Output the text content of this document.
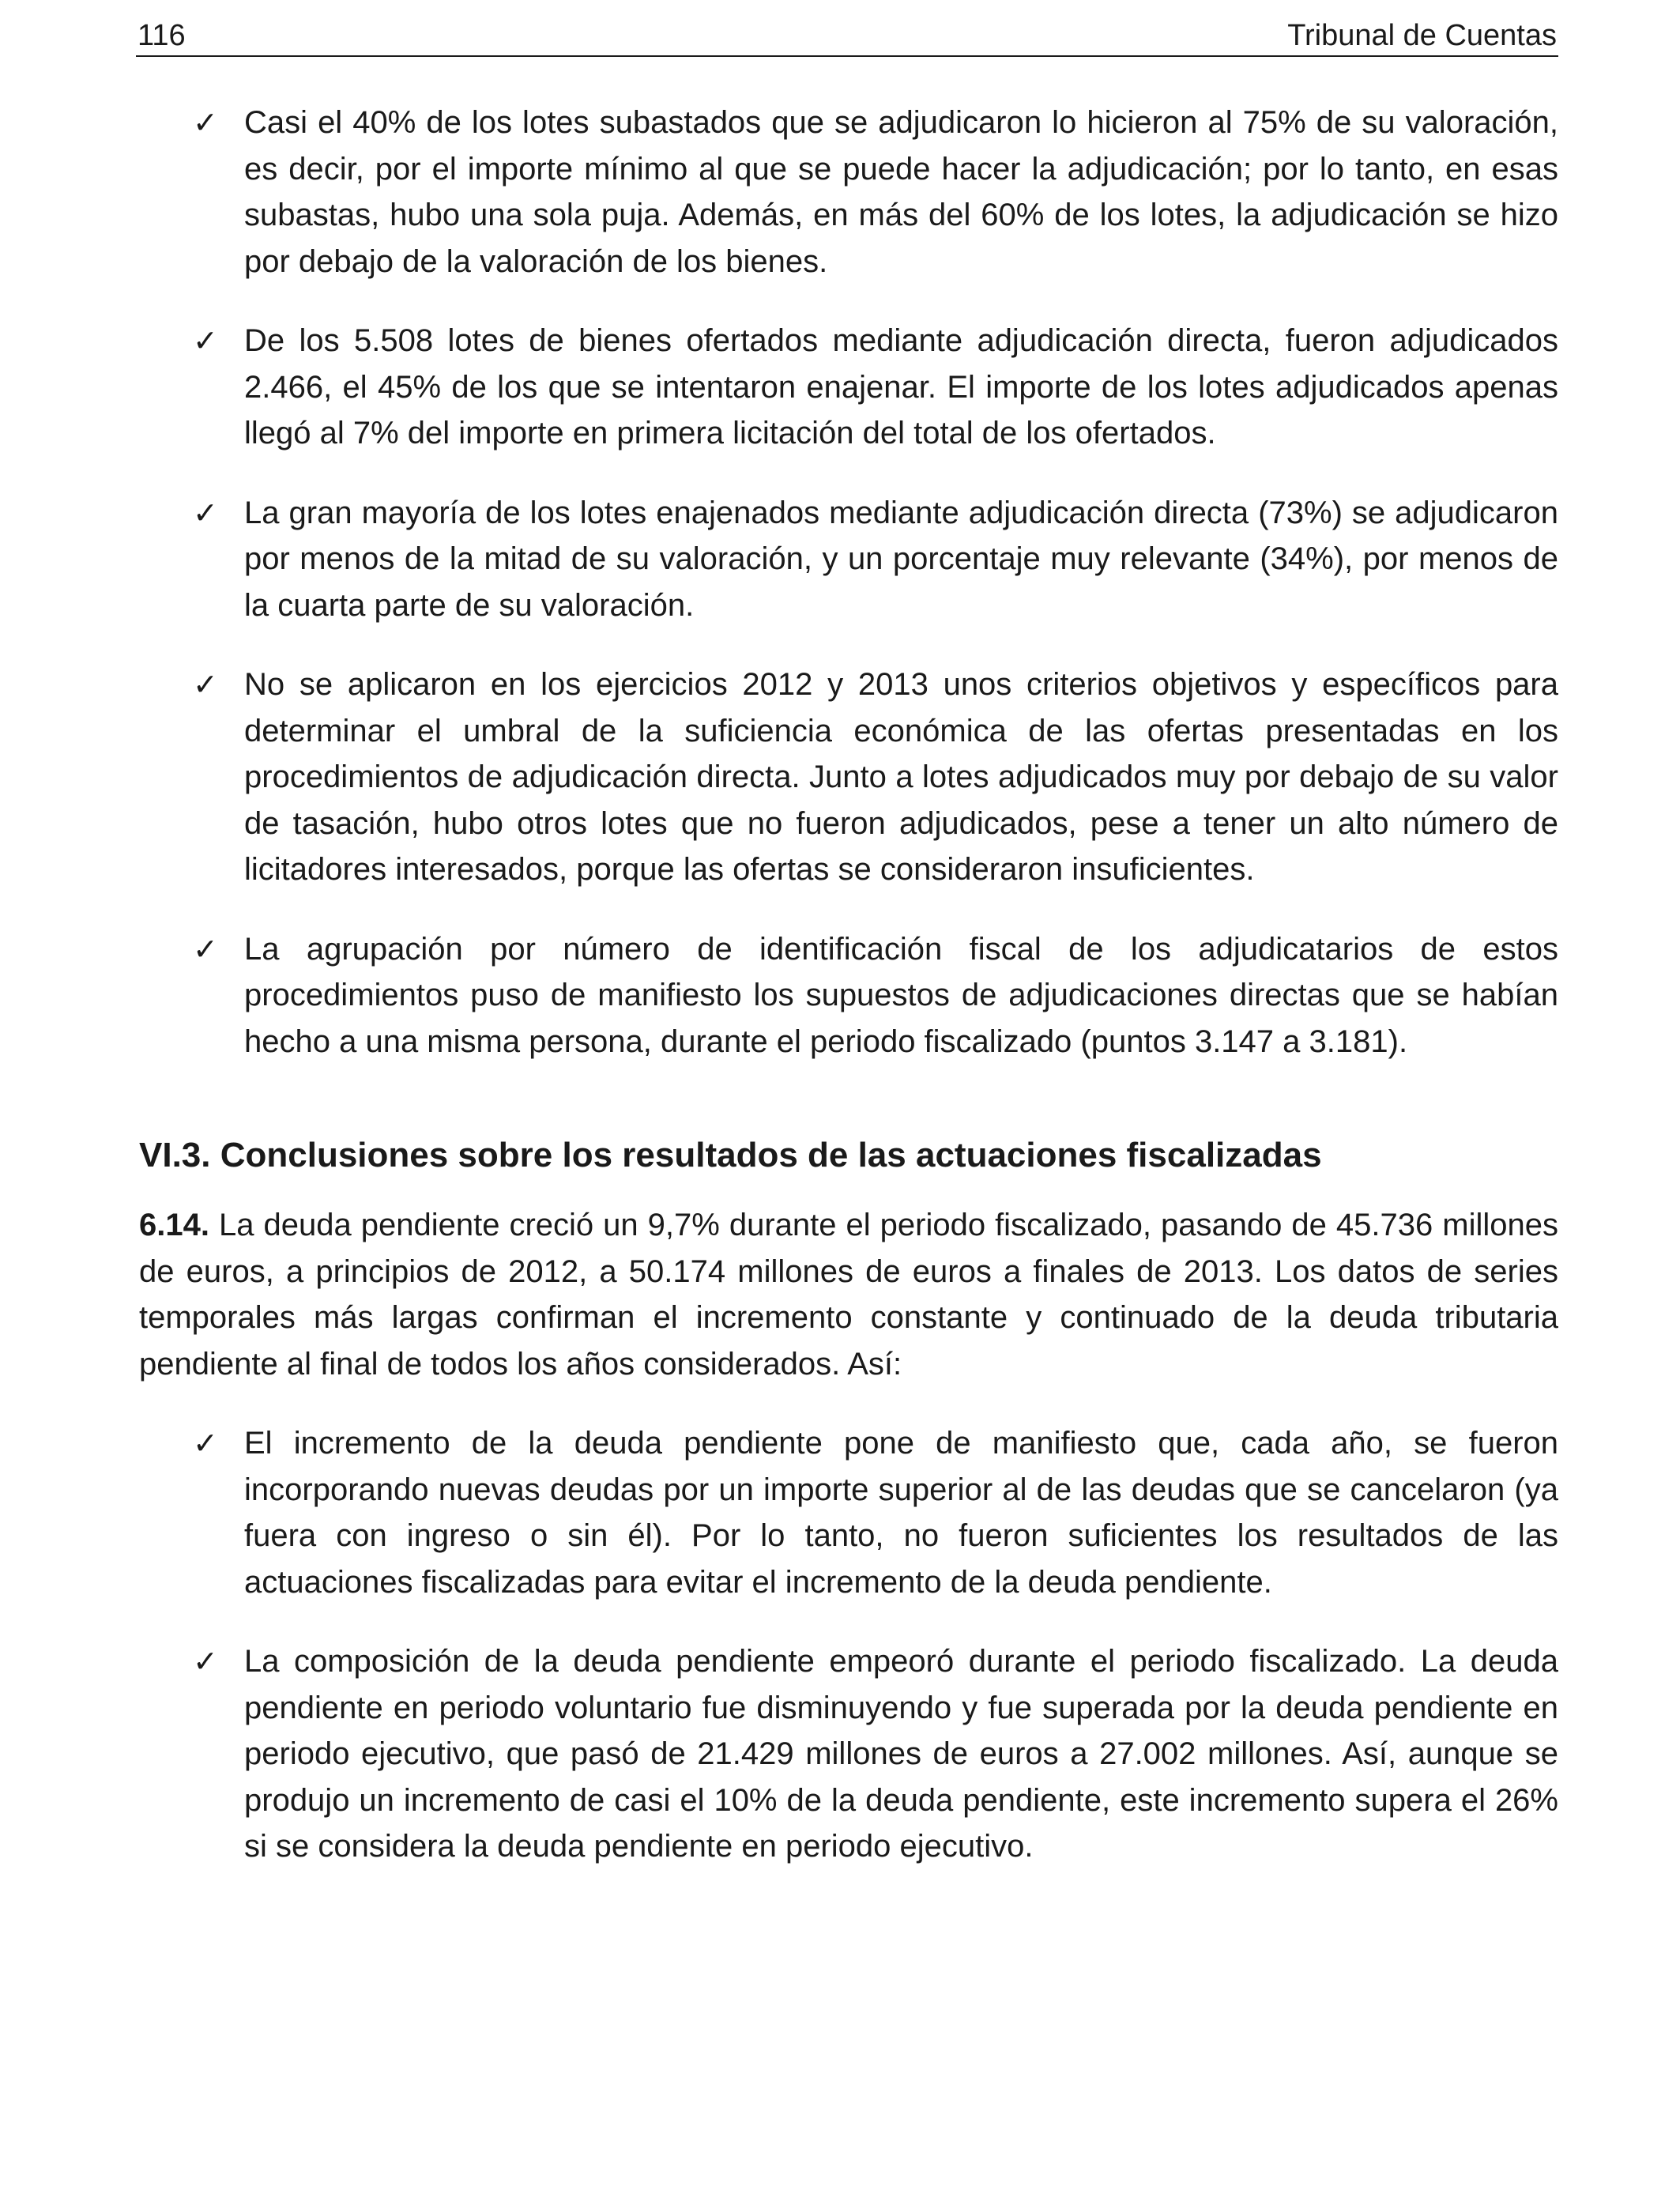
116	Tribunal de Cuentas
✓ Casi el 40% de los lotes subastados que se adjudicaron lo hicieron al 75% de su valoración, es decir, por el importe mínimo al que se puede hacer la adjudicación; por lo tanto, en esas subastas, hubo una sola puja. Además, en más del 60% de los lotes, la adjudicación se hizo por debajo de la valoración de los bienes.
✓ De los 5.508 lotes de bienes ofertados mediante adjudicación directa, fueron adjudicados 2.466, el 45% de los que se intentaron enajenar. El importe de los lotes adjudicados apenas llegó al 7% del importe en primera licitación del total de los ofertados.
✓ La gran mayoría de los lotes enajenados mediante adjudicación directa (73%) se adjudicaron por menos de la mitad de su valoración, y un porcentaje muy relevante (34%), por menos de la cuarta parte de su valoración.
✓ No se aplicaron en los ejercicios 2012 y 2013 unos criterios objetivos y específicos para determinar el umbral de la suficiencia económica de las ofertas presentadas en los procedimientos de adjudicación directa. Junto a lotes adjudicados muy por debajo de su valor de tasación, hubo otros lotes que no fueron adjudicados, pese a tener un alto número de licitadores interesados, porque las ofertas se consideraron insuficientes.
✓ La agrupación por número de identificación fiscal de los adjudicatarios de estos procedimientos puso de manifiesto los supuestos de adjudicaciones directas que se habían hecho a una misma persona, durante el periodo fiscalizado (puntos 3.147 a 3.181).
VI.3. Conclusiones sobre los resultados de las actuaciones fiscalizadas

6.14. La deuda pendiente creció un 9,7% durante el periodo fiscalizado, pasando de 45.736 millones de euros, a principios de 2012, a 50.174 millones de euros a finales de 2013. Los datos de series temporales más largas confirman el incremento constante y continuado de la deuda tributaria pendiente al final de todos los años considerados. Así:

✓ El incremento de la deuda pendiente pone de manifiesto que, cada año, se fueron incorporando nuevas deudas por un importe superior al de las deudas que se cancelaron (ya fuera con ingreso o sin él). Por lo tanto, no fueron suficientes los resultados de las actuaciones fiscalizadas para evitar el incremento de la deuda pendiente.
✓ La composición de la deuda pendiente empeoró durante el periodo fiscalizado. La deuda pendiente en periodo voluntario fue disminuyendo y fue superada por la deuda pendiente en periodo ejecutivo, que pasó de 21.429 millones de euros a 27.002 millones. Así, aunque se produjo un incremento de casi el 10% de la deuda pendiente, este incremento supera el 26% si se considera la deuda pendiente en periodo ejecutivo.
